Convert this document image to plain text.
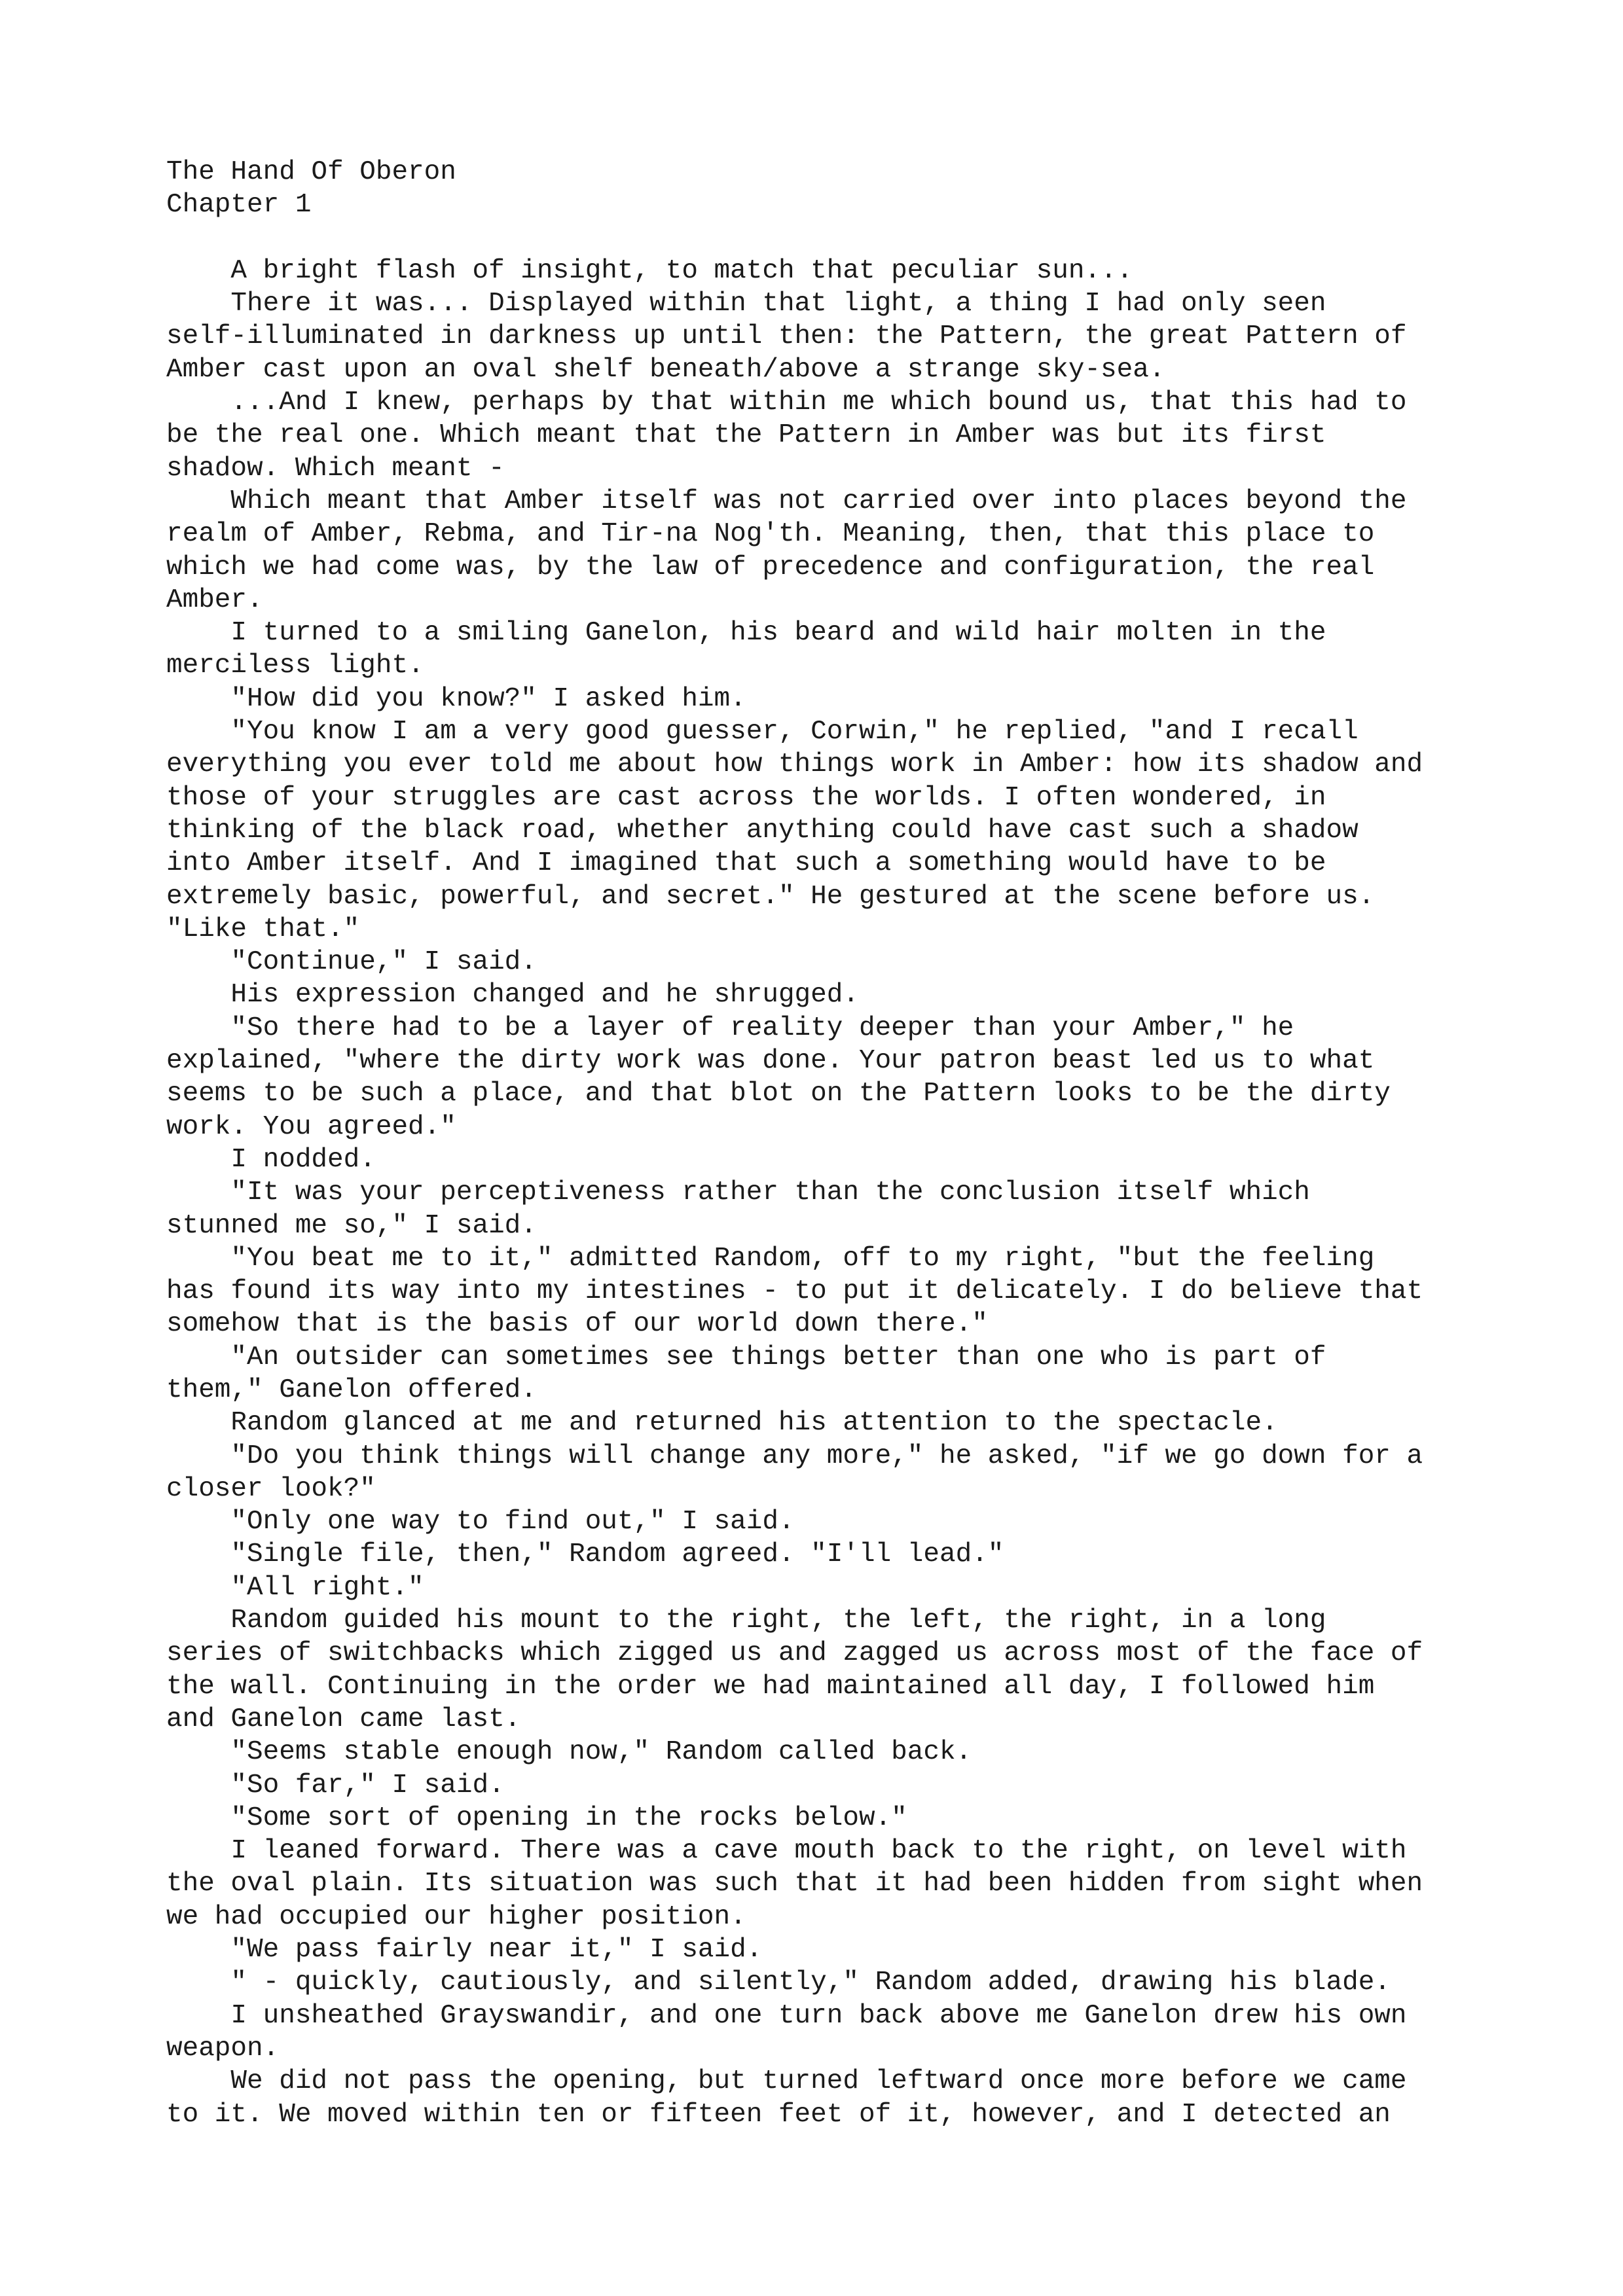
The Hand Of Oberon
Chapter 1
A bright flash of insight, to match that peculiar sun...
There it was... Displayed within that light, a thing I had only seen
self-illuminated in darkness up until then: the Pattern, the great Pattern of
Amber cast upon an oval shelf beneath/above a strange sky-sea.
...And I knew, perhaps by that within me which bound us, that this had to
be the real one. Which meant that the Pattern in Amber was but its first
shadow. Which meant -
Which meant that Amber itself was not carried over into places beyond the
realm of Amber, Rebma, and Tir-na Nog'th. Meaning, then, that this place to
which we had come was, by the law of precedence and configuration, the real
Amber.
I turned to a smiling Ganelon, his beard and wild hair molten in the
merciless light.
"How did you know?" I asked him.
"You know I am a very good guesser, Corwin," he replied, "and I recall
everything you ever told me about how things work in Amber: how its shadow and
those of your struggles are cast across the worlds. I often wondered, in
thinking of the black road, whether anything could have cast such a shadow
into Amber itself. And I imagined that such a something would have to be
extremely basic, powerful, and secret." He gestured at the scene before us.
"Like that."
"Continue," I said.
His expression changed and he shrugged.
"So there had to be a layer of reality deeper than your Amber," he
explained, "where the dirty work was done. Your patron beast led us to what
seems to be such a place, and that blot on the Pattern looks to be the dirty
work. You agreed."
I nodded.
"It was your perceptiveness rather than the conclusion itself which
stunned me so," I said.
"You beat me to it," admitted Random, off to my right, "but the feeling
has found its way into my intestines - to put it delicately. I do believe that
somehow that is the basis of our world down there."
"An outsider can sometimes see things better than one who is part of
them," Ganelon offered.
Random glanced at me and returned his attention to the spectacle.
"Do you think things will change any more," he asked, "if we go down for a
closer look?"
"Only one way to find out," I said.
"Single file, then," Random agreed. "I'll lead."
"All right."
Random guided his mount to the right, the left, the right, in a long
series of switchbacks which zigged us and zagged us across most of the face of
the wall. Continuing in the order we had maintained all day, I followed him
and Ganelon came last.
"Seems stable enough now," Random called back.
"So far," I said.
"Some sort of opening in the rocks below."
I leaned forward. There was a cave mouth back to the right, on level with
the oval plain. Its situation was such that it had been hidden from sight when
we had occupied our higher position.
"We pass fairly near it," I said.
" - quickly, cautiously, and silently," Random added, drawing his blade.
I unsheathed Grayswandir, and one turn back above me Ganelon drew his own
weapon.
We did not pass the opening, but turned leftward once more before we came
to it. We moved within ten or fifteen feet of it, however, and I detected an
